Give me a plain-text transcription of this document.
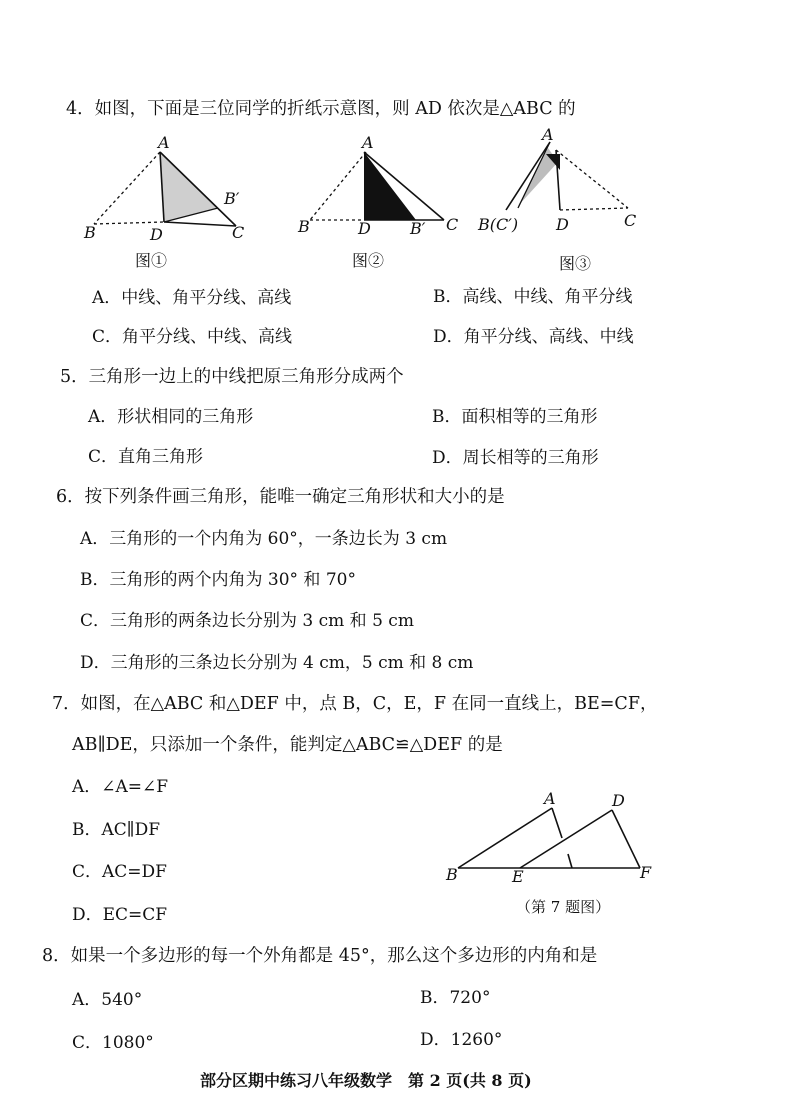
4．如图，下面是三位同学的折纸示意图，则 AD 依次是△ABC 的
A
B′
B	D	C
图①
A
B	D B′ C
图②
A
B(C′) D	C
图③
A．中线、角平分线、高线	B．高线、中线、角平分线
C．角平分线、中线、高线	D．角平分线、高线、中线
5．三角形一边上的中线把原三角形分成两个
A．形状相同的三角形	B．面积相等的三角形
C．直角三角形	D．周长相等的三角形
6．按下列条件画三角形，能唯一确定三角形状和大小的是
A．三角形的一个内角为 60°，一条边长为 3 cm
B．三角形的两个内角为 30° 和 70°
C．三角形的两条边长分别为 3 cm 和 5 cm
D．三角形的三条边长分别为 4 cm，5 cm 和 8 cm
7．如图，在△ABC 和△DEF 中，点 B，C，E，F 在同一直线上，BE=CF，
AB∥DE，只添加一个条件，能判定△ABC≌△DEF 的是
A．∠A=∠F
B．AC∥DF
C．AC=DF
D．EC=CF
A	D
B	E	F
（第 7 题图）
8．如果一个多边形的每一个外角都是 45°，那么这个多边形的内角和是
A．540°	B．720°
C．1080°	D．1260°
部分区期中练习八年级数学　第 2 页(共 8 页)
